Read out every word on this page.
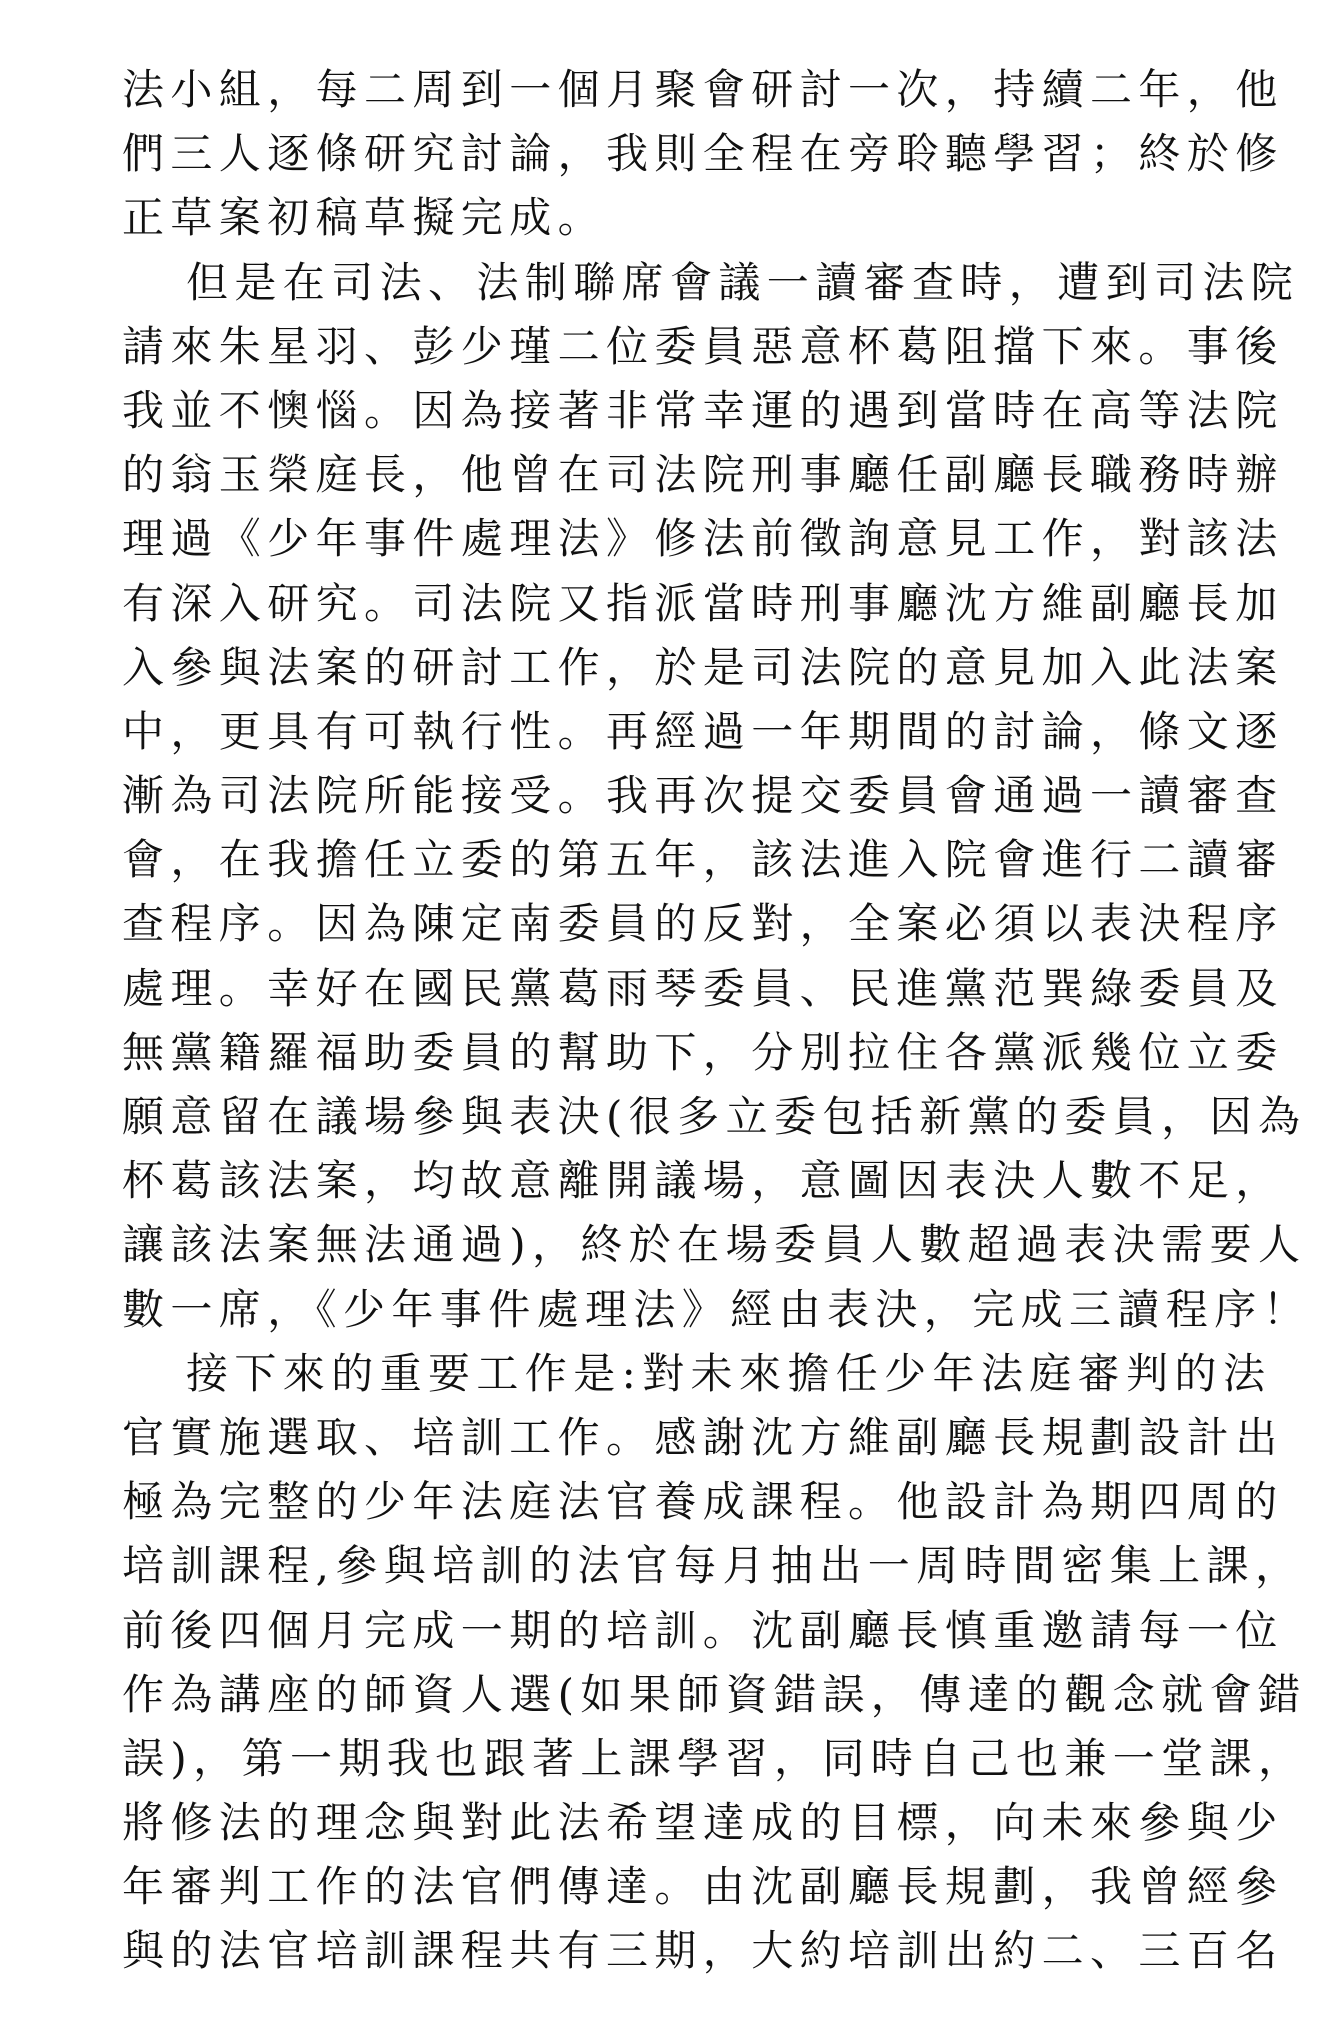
法小組，每二周到一個月聚會研討一次，持續二年，他
們三人逐條研究討論，我則全程在旁聆聽學習；終於修
正草案初稿草擬完成。
但是在司法、法制聯席會議一讀審查時，遭到司法院
請來朱星羽、彭少瑾二位委員惡意杯葛阻擋下來。事後
我並不懊惱。因為接著非常幸運的遇到當時在高等法院
的翁玉榮庭長，他曾在司法院刑事廳任副廳長職務時辦
理過《少年事件處理法》修法前徵詢意見工作，對該法
有深入研究。司法院又指派當時刑事廳沈方維副廳長加
入參與法案的研討工作，於是司法院的意見加入此法案
中，更具有可執行性。再經過一年期間的討論，條文逐
漸為司法院所能接受。我再次提交委員會通過一讀審查
會，在我擔任立委的第五年，該法進入院會進行二讀審
查程序。因為陳定南委員的反對，全案必須以表決程序
處理。幸好在國民黨葛雨琴委員、民進黨范巽綠委員及
無黨籍羅福助委員的幫助下，分別拉住各黨派幾位立委
願意留在議場參與表決(很多立委包括新黨的委員，因為
杯葛該法案，均故意離開議場，意圖因表決人數不足，
讓該法案無法通過)，終於在場委員人數超過表決需要人
數一席，《少年事件處理法》經由表決，完成三讀程序！
接下來的重要工作是:對未來擔任少年法庭審判的法
官實施選取、培訓工作。感謝沈方維副廳長規劃設計出
極為完整的少年法庭法官養成課程。他設計為期四周的
培訓課程,參與培訓的法官每月抽出一周時間密集上課，
前後四個月完成一期的培訓。沈副廳長慎重邀請每一位
作為講座的師資人選(如果師資錯誤，傳達的觀念就會錯
誤)，第一期我也跟著上課學習，同時自己也兼一堂課，
將修法的理念與對此法希望達成的目標，向未來參與少
年審判工作的法官們傳達。由沈副廳長規劃，我曾經參
與的法官培訓課程共有三期，大約培訓出約二、三百名
